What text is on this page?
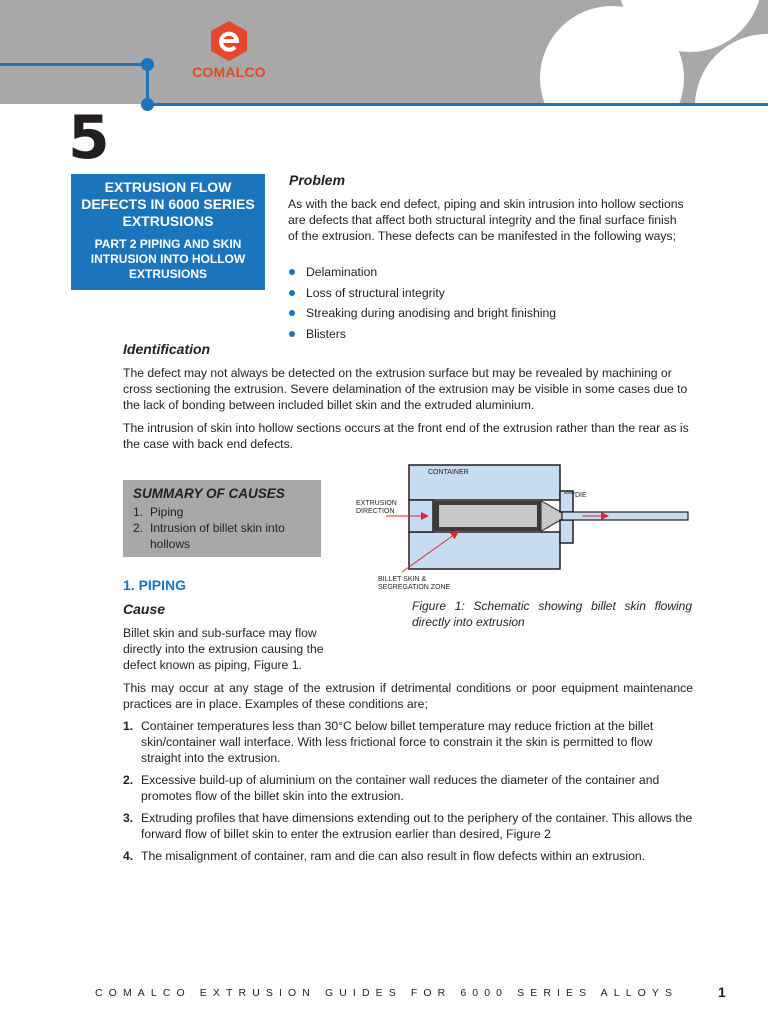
COMALCO
5
EXTRUSION FLOW DEFECTS IN 6000 SERIES EXTRUSIONS
PART 2 PIPING AND SKIN INTRUSION INTO HOLLOW EXTRUSIONS
Problem
As with the back end defect, piping and skin intrusion into hollow sections are defects that affect both structural integrity and the final surface finish of the extrusion. These defects can be manifested in the following ways;
Delamination
Loss of structural integrity
Streaking during anodising and bright finishing
Blisters
Identification
The defect may not always be detected on the extrusion surface but may be revealed by machining or cross sectioning the extrusion. Severe delamination of the extrusion may be visible in some cases due to the lack of bonding between included billet skin and the extruded aluminium.
The intrusion of skin into hollow sections occurs at the front end of the extrusion rather than the rear as is the case with back end defects.
SUMMARY OF CAUSES
1. Piping
2. Intrusion of billet skin into hollows
CONTAINER
DIE
EXTRUSION
DIRECTION
BILLET SKIN &
SEGREGATION ZONE
Figure 1: Schematic showing billet skin flowing directly into extrusion
1. PIPING
Cause
Billet skin and sub-surface may flow directly into the extrusion causing the defect known as piping, Figure 1.
This may occur at any stage of the extrusion if detrimental conditions or poor equipment maintenance practices are in place. Examples of these conditions are;
1. Container temperatures less than 30°C below billet temperature may reduce friction at the billet skin/container wall interface. With less frictional force to constrain it the skin is permitted to flow straight into the extrusion.
2. Excessive build-up of aluminium on the container wall reduces the diameter of the container and promotes flow of the billet skin into the extrusion.
3. Extruding profiles that have dimensions extending out to the periphery of the container. This allows the forward flow of billet skin to enter the extrusion earlier than desired, Figure 2
4. The misalignment of container, ram and die can also result in flow defects within an extrusion.
COMALCO EXTRUSION GUIDES FOR 6000 SERIES ALLOYS	1
